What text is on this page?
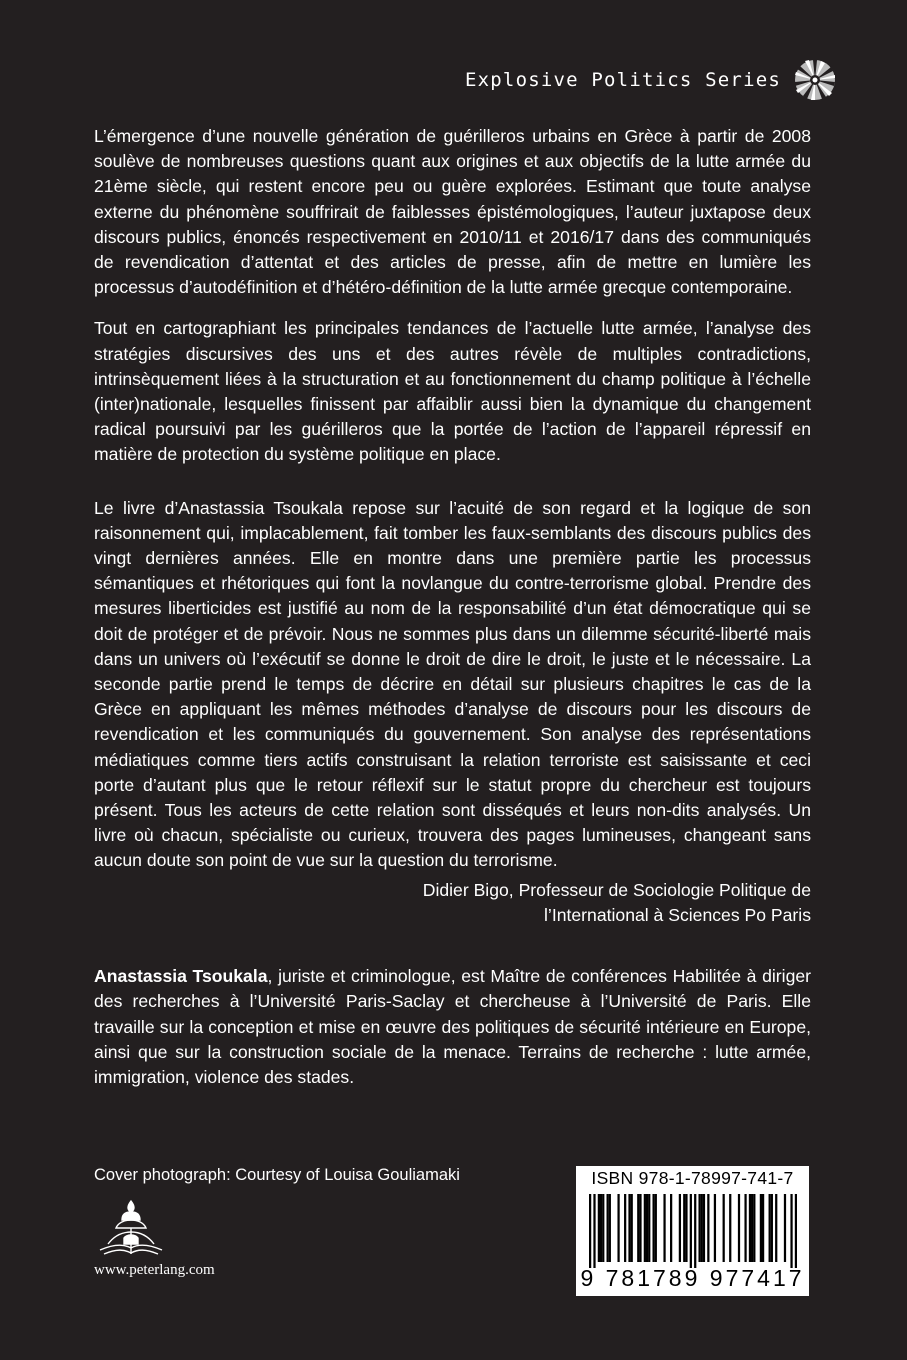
Explosive Politics Series

L’émergence d’une nouvelle génération de guérilleros urbains en Grèce à partir de 2008 soulève de nombreuses questions quant aux origines et aux objectifs de la lutte armée du 21ème siècle, qui restent encore peu ou guère explorées. Estimant que toute analyse externe du phénomène souffrirait de faiblesses épistémologiques, l’auteur juxtapose deux discours publics, énoncés respectivement en 2010/11 et 2016/17 dans des communiqués de revendication d’attentat et des articles de presse, afin de mettre en lumière les processus d’autodéfinition et d’hétéro-définition de la lutte armée grecque contemporaine.

Tout en cartographiant les principales tendances de l’actuelle lutte armée, l’analyse des stratégies discursives des uns et des autres révèle de multiples contradictions, intrinsèquement liées à la structuration et au fonctionnement du champ politique à l’échelle (inter)nationale, lesquelles finissent par affaiblir aussi bien la dynamique du changement radical poursuivi par les guérilleros que la portée de l’action de l’appareil répressif en matière de protection du système politique en place.

Le livre d’Anastassia Tsoukala repose sur l’acuité de son regard et la logique de son raisonnement qui, implacablement, fait tomber les faux-semblants des discours publics des vingt dernières années. Elle en montre dans une première partie les processus sémantiques et rhétoriques qui font la novlangue du contre-terrorisme global. Prendre des mesures liberticides est justifié au nom de la responsabilité d’un état démocratique qui se doit de protéger et de prévoir. Nous ne sommes plus dans un dilemme sécurité-liberté mais dans un univers où l’exécutif se donne le droit de dire le droit, le juste et le nécessaire. La seconde partie prend le temps de décrire en détail sur plusieurs chapitres le cas de la Grèce en appliquant les mêmes méthodes d’analyse de discours pour les discours de revendication et les communiqués du gouvernement. Son analyse des représentations médiatiques comme tiers actifs construisant la relation terroriste est saisissante et ceci porte d’autant plus que le retour réflexif sur le statut propre du chercheur est toujours présent. Tous les acteurs de cette relation sont disséqués et leurs non-dits analysés. Un livre où chacun, spécialiste ou curieux, trouvera des pages lumineuses, changeant sans aucun doute son point de vue sur la question du terrorisme.

Didier Bigo, Professeur de Sociologie Politique de
l’International à Sciences Po Paris

Anastassia Tsoukala, juriste et criminologue, est Maître de conférences Habilitée à diriger des recherches à l’Université Paris-Saclay et chercheuse à l’Université de Paris. Elle travaille sur la conception et mise en œuvre des politiques de sécurité intérieure en Europe, ainsi que sur la construction sociale de la menace. Terrains de recherche : lutte armée, immigration, violence des stades.

Cover photograph: Courtesy of Louisa Gouliamaki
www.peterlang.com
ISBN 978-1-78997-741-7
9 781789 977417
